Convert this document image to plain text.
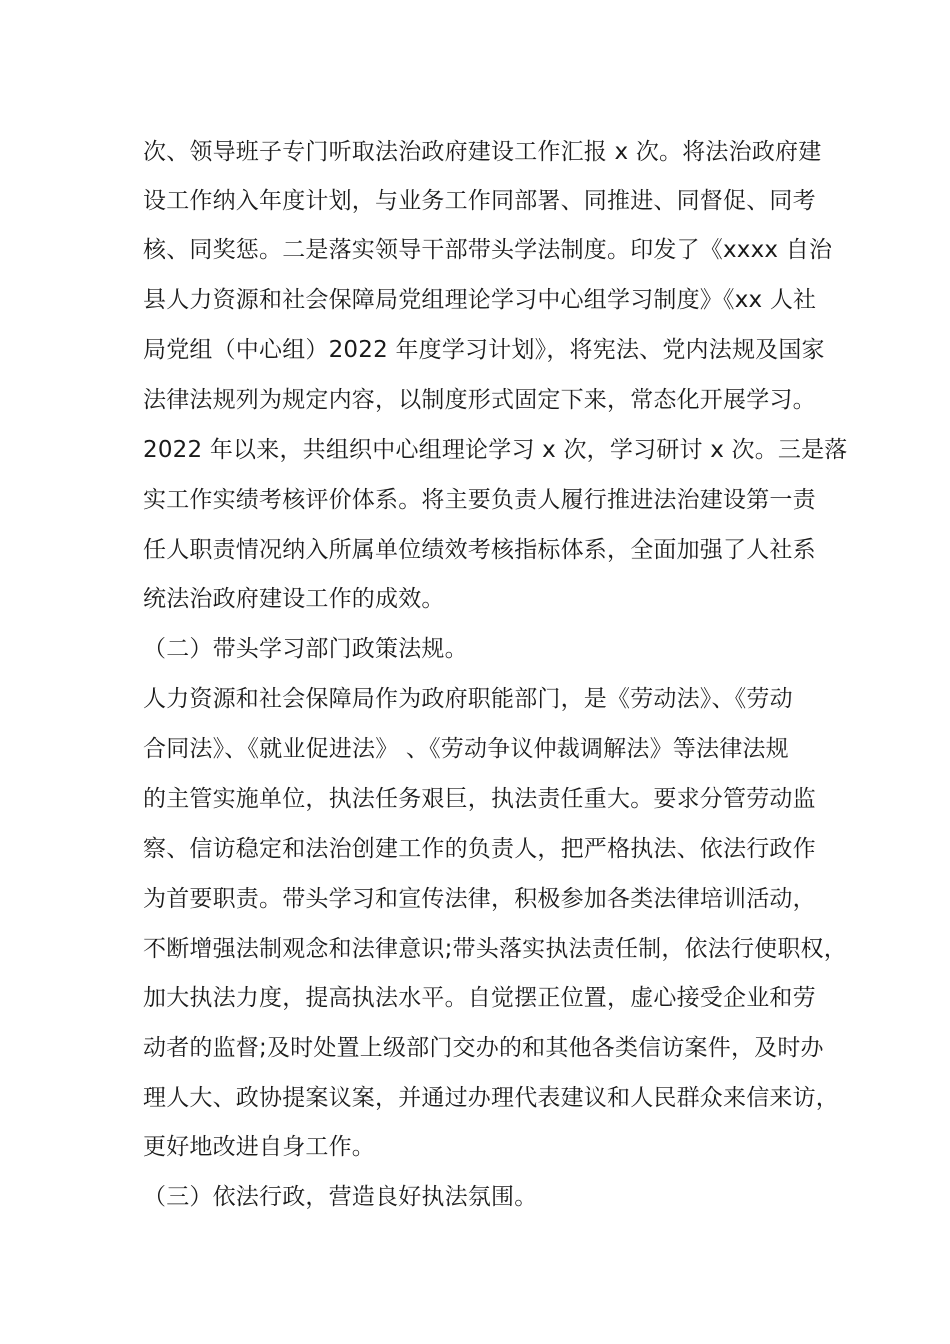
次、领导班子专门听取法治政府建设工作汇报 x 次。将法治政府建
设工作纳入年度计划，与业务工作同部署、同推进、同督促、同考
核、同奖惩。二是落实领导干部带头学法制度。印发了《xxxx 自治
县人力资源和社会保障局党组理论学习中心组学习制度》《xx 人社
局党组（中心组）2022 年度学习计划》，将宪法、党内法规及国家
法律法规列为规定内容，以制度形式固定下来，常态化开展学习。
2022 年以来，共组织中心组理论学习 x 次，学习研讨 x 次。三是落
实工作实绩考核评价体系。将主要负责人履行推进法治建设第一责
任人职责情况纳入所属单位绩效考核指标体系，全面加强了人社系
统法治政府建设工作的成效。
（二）带头学习部门政策法规。
人力资源和社会保障局作为政府职能部门，是《劳动法》、《劳动
合同法》、《就业促进法》 、《劳动争议仲裁调解法》等法律法规
的主管实施单位，执法任务艰巨，执法责任重大。要求分管劳动监
察、信访稳定和法治创建工作的负责人，把严格执法、依法行政作
为首要职责。带头学习和宣传法律，积极参加各类法律培训活动，
不断增强法制观念和法律意识;带头落实执法责任制，依法行使职权，
加大执法力度，提高执法水平。自觉摆正位置，虚心接受企业和劳
动者的监督;及时处置上级部门交办的和其他各类信访案件，及时办
理人大、政协提案议案，并通过办理代表建议和人民群众来信来访，
更好地改进自身工作。
（三）依法行政，营造良好执法氛围。
